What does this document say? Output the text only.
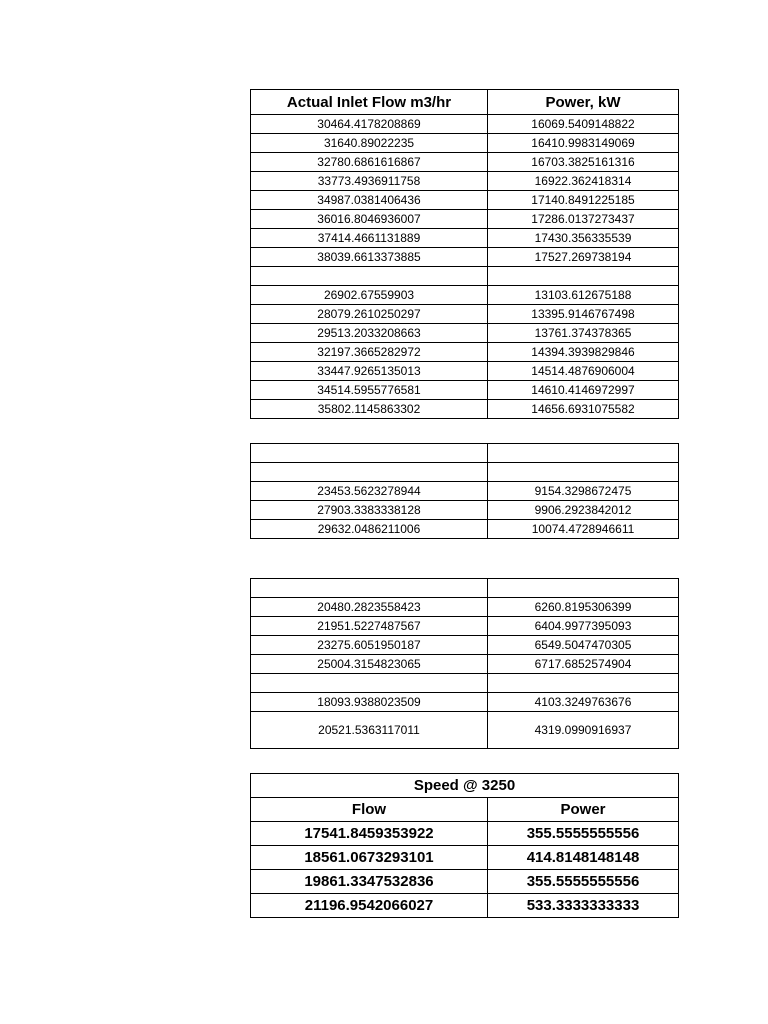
Actual Inlet Flow m3/hr	Power, kW
30464.4178208869	16069.5409148822
31640.89022235	16410.9983149069
32780.6861616867	16703.3825161316
33773.4936911758	16922.362418314
34987.0381406436	17140.8491225185
36016.8046936007	17286.0137273437
37414.4661131889	17430.356335539
38039.6613373885	17527.269738194

26902.67559903	13103.612675188
28079.2610250297	13395.9146767498
29513.2033208663	13761.374378365
32197.3665282972	14394.3939829846
33447.9265135013	14514.4876906004
34514.5955776581	14610.4146972997
35802.1145863302	14656.6931075582

23453.5623278944	9154.3298672475
27903.3383338128	9906.2923842012
29632.0486211006	10074.4728946611

20480.2823558423	6260.8195306399
21951.5227487567	6404.9977395093
23275.6051950187	6549.5047470305
25004.3154823065	6717.6852574904

18093.9388023509	4103.3249763676
20521.5363117011	4319.0990916937
Speed @ 3250	
Flow	Power
17541.8459353922	355.5555555556
18561.0673293101	414.8148148148
19861.3347532836	355.5555555556
21196.9542066027	533.3333333333
